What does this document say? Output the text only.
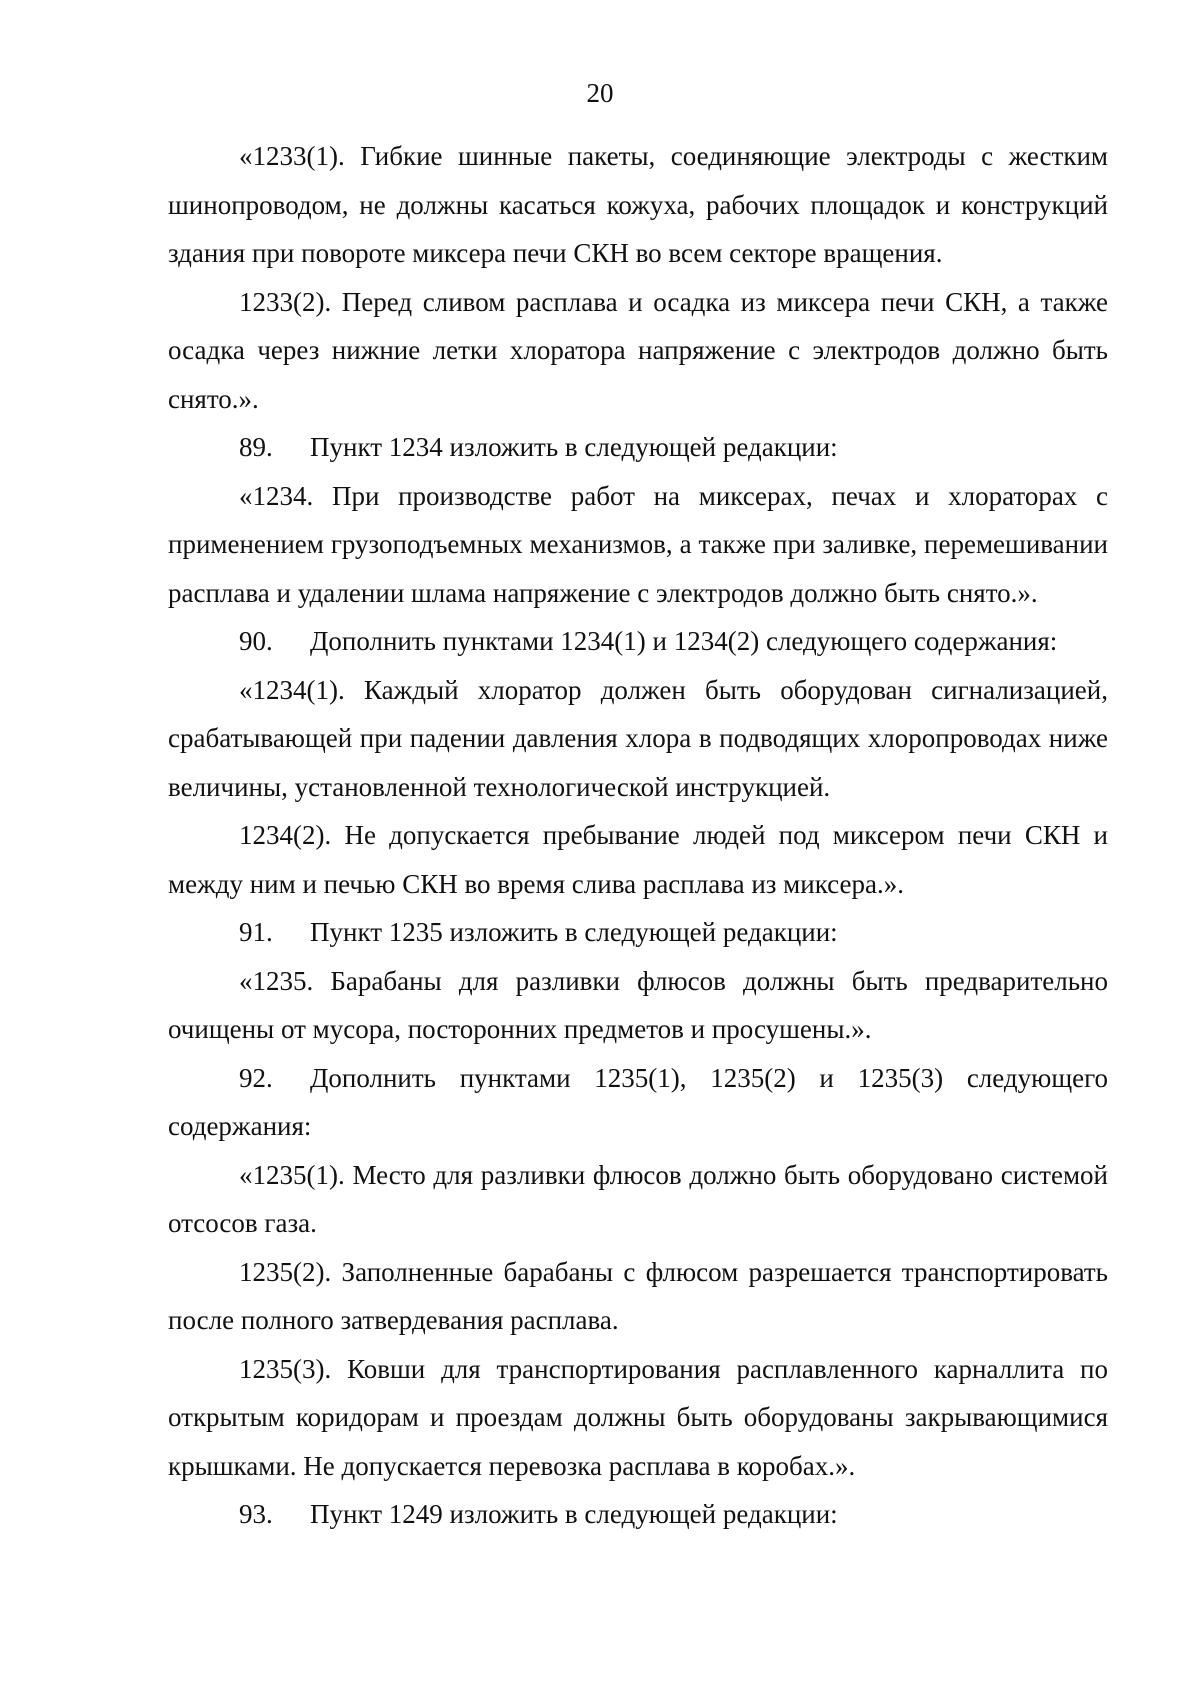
20

«1233(1). Гибкие шинные пакеты, соединяющие электроды с жестким шинопроводом, не должны касаться кожуха, рабочих площадок и конструкций здания при повороте миксера печи СКН во всем секторе вращения.

1233(2). Перед сливом расплава и осадка из миксера печи СКН, а также осадка через нижние летки хлоратора напряжение с электродов должно быть снято.».

89. Пункт 1234 изложить в следующей редакции:

«1234. При производстве работ на миксерах, печах и хлораторах с применением грузоподъемных механизмов, а также при заливке, перемешивании расплава и удалении шлама напряжение с электродов должно быть снято.».

90. Дополнить пунктами 1234(1) и 1234(2) следующего содержания:

«1234(1). Каждый хлоратор должен быть оборудован сигнализацией, срабатывающей при падении давления хлора в подводящих хлоропроводах ниже величины, установленной технологической инструкцией.

1234(2). Не допускается пребывание людей под миксером печи СКН и между ним и печью СКН во время слива расплава из миксера.».

91. Пункт 1235 изложить в следующей редакции:

«1235. Барабаны для разливки флюсов должны быть предварительно очищены от мусора, посторонних предметов и просушены.».

92. Дополнить пунктами 1235(1), 1235(2) и 1235(3) следующего содержания:

«1235(1). Место для разливки флюсов должно быть оборудовано системой отсосов газа.

1235(2). Заполненные барабаны с флюсом разрешается транспортировать после полного затвердевания расплава.

1235(3). Ковши для транспортирования расплавленного карналлита по открытым коридорам и проездам должны быть оборудованы закрывающимися крышками. Не допускается перевозка расплава в коробах.».

93. Пункт 1249 изложить в следующей редакции:
